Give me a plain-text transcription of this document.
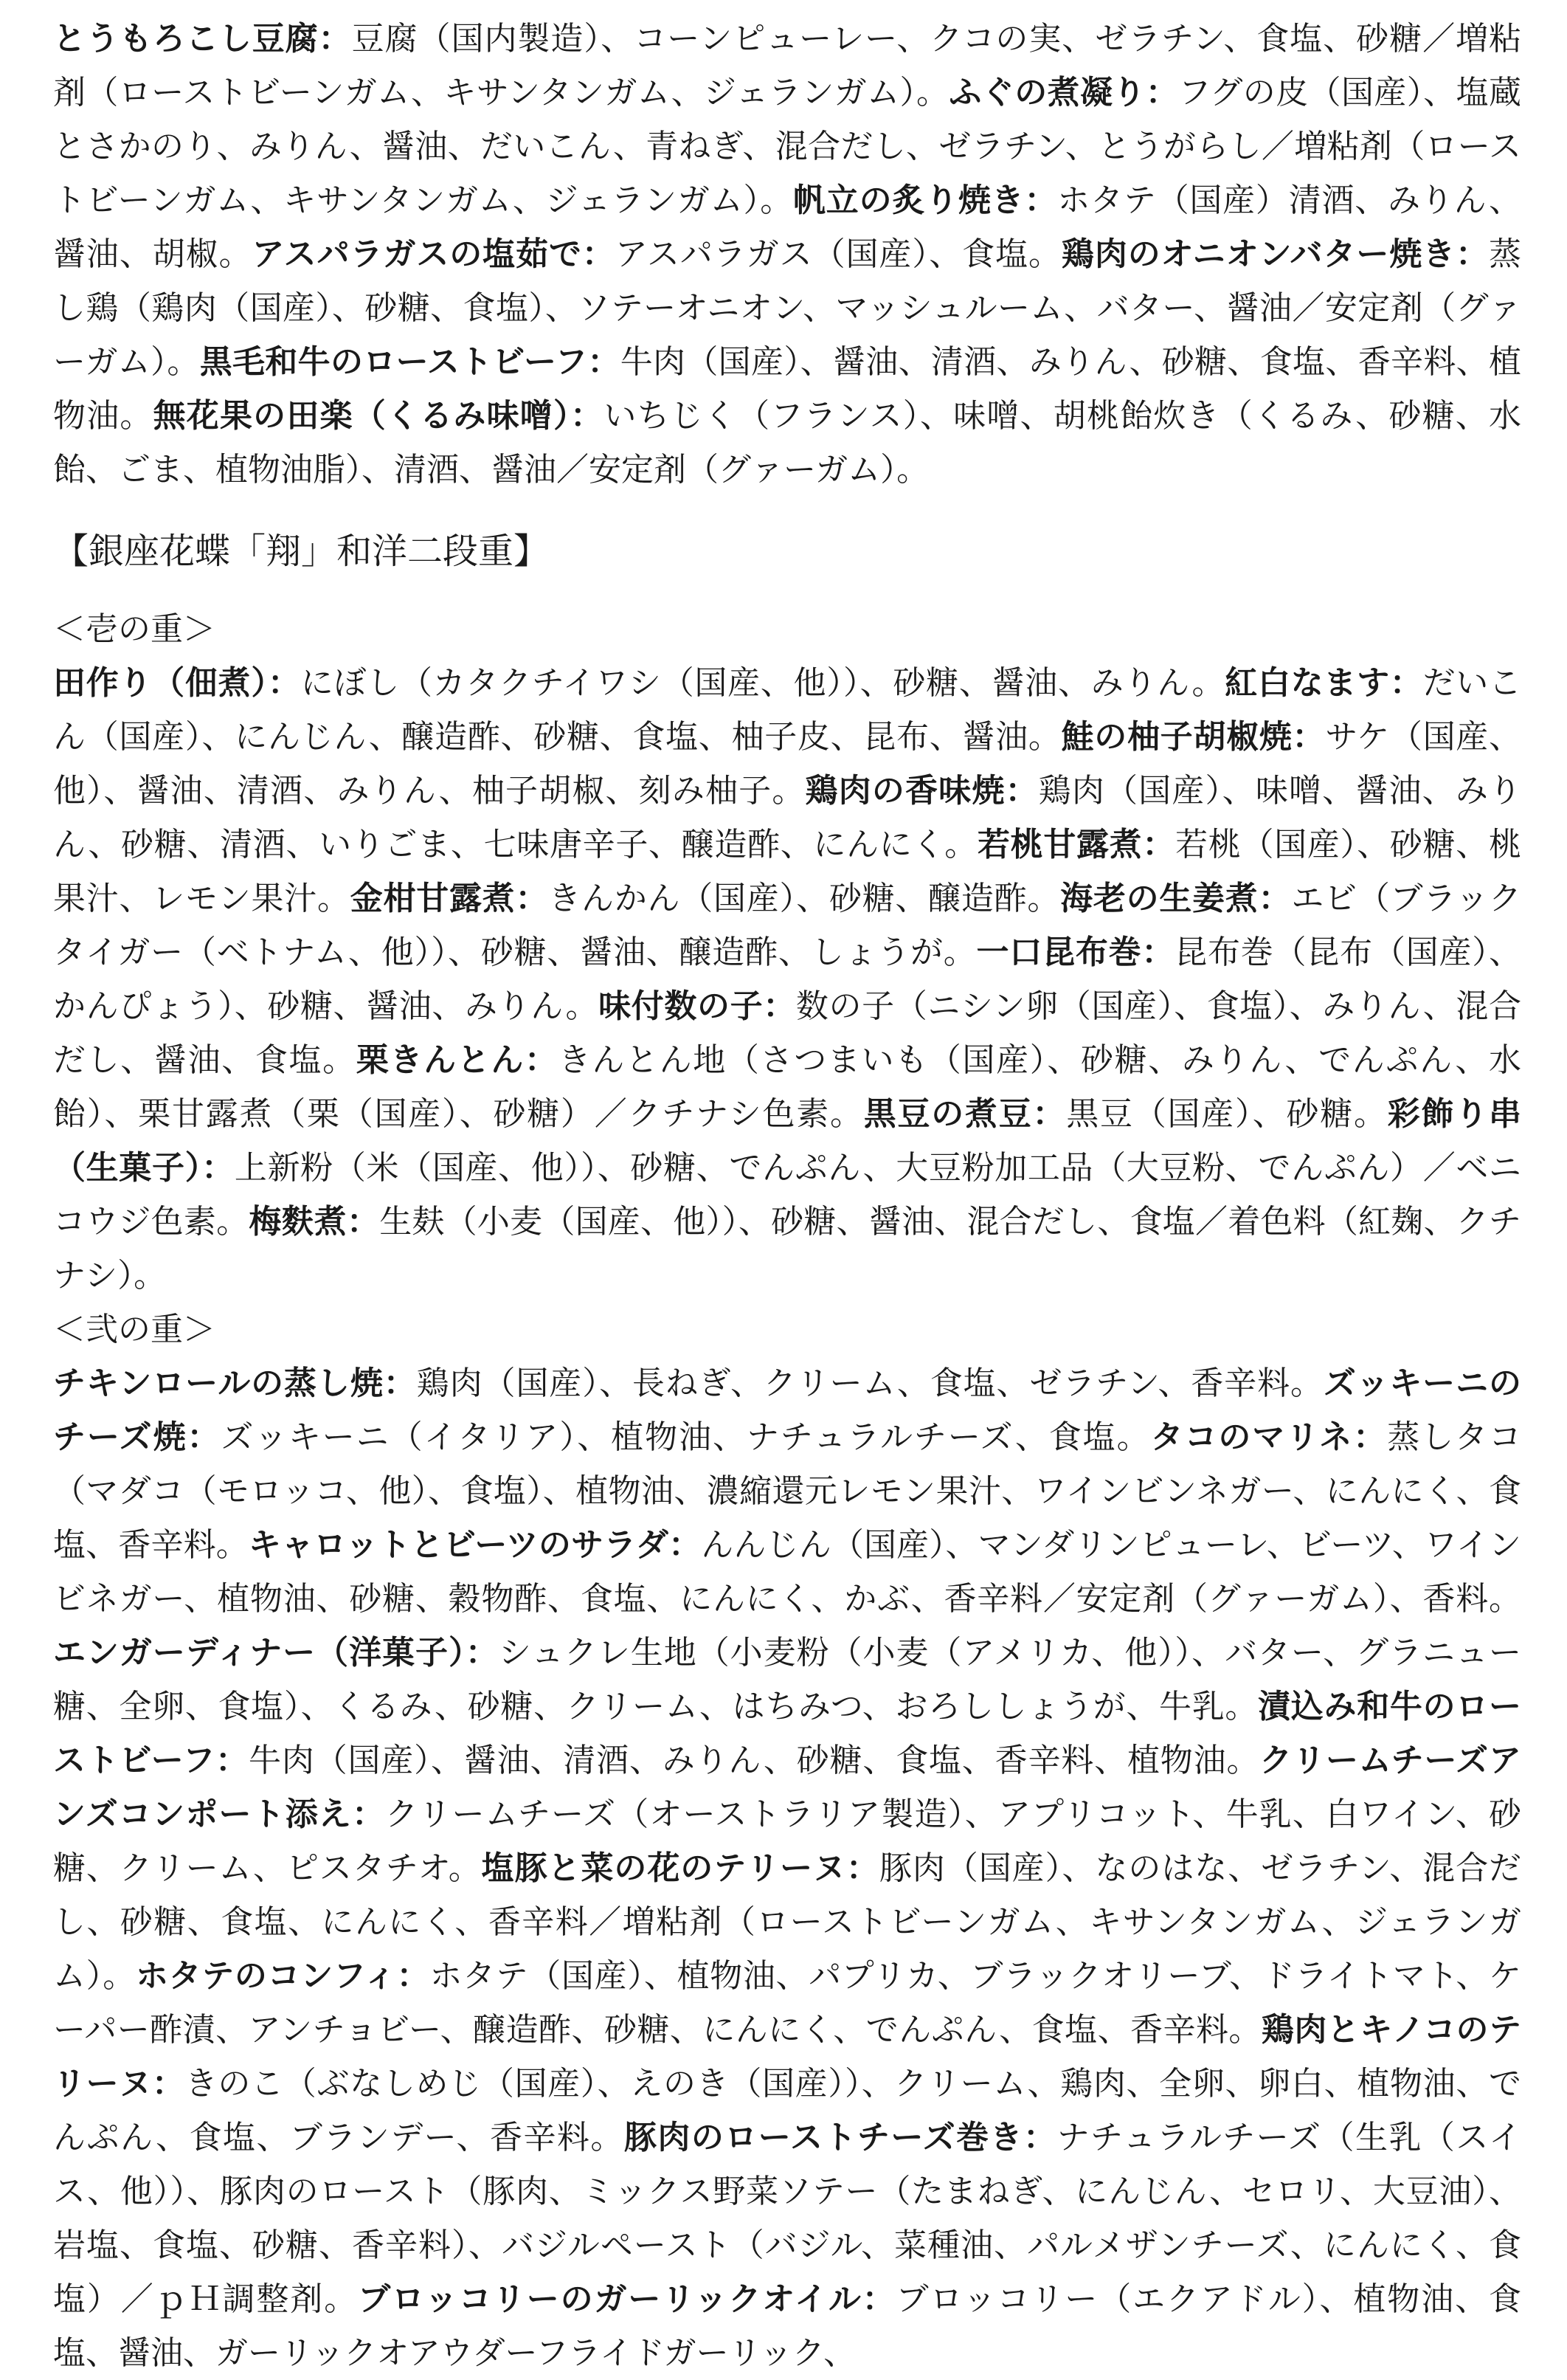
とうもろこし豆腐：豆腐（国内製造）、コーンピューレー、クコの実、ゼラチン、食塩、砂糖／増粘剤（ローストビーンガム、キサンタンガム、ジェランガム）。ふぐの煮凝り：フグの皮（国産）、塩蔵とさかのり、みりん、醤油、だいこん、青ねぎ、混合だし、ゼラチン、とうがらし／増粘剤（ローストビーンガム、キサンタンガム、ジェランガム）。帆立の炙り焼き：ホタテ（国産）清酒、みりん、醤油、胡椒。アスパラガスの塩茹で：アスパラガス（国産）、食塩。鶏肉のオニオンバター焼き：蒸し鶏（鶏肉（国産）、砂糖、食塩）、ソテーオニオン、マッシュルーム、バター、醤油／安定剤（グァーガム）。黒毛和牛のローストビーフ：牛肉（国産）、醤油、清酒、みりん、砂糖、食塩、香辛料、植物油。無花果の田楽（くるみ味噌）：いちじく（フランス）、味噌、胡桃飴炊き（くるみ、砂糖、水飴、ごま、植物油脂）、清酒、醤油／安定剤（グァーガム）。

【銀座花蝶「翔」和洋二段重】
＜壱の重＞

田作り（佃煮）：にぼし（カタクチイワシ（国産、他））、砂糖、醤油、みりん。紅白なます：だいこん（国産）、にんじん、醸造酢、砂糖、食塩、柚子皮、昆布、醤油。鮭の柚子胡椒焼：サケ（国産、他）、醤油、清酒、みりん、柚子胡椒、刻み柚子。鶏肉の香味焼：鶏肉（国産）、味噌、醤油、みりん、砂糖、清酒、いりごま、七味唐辛子、醸造酢、にんにく。若桃甘露煮：若桃（国産）、砂糖、桃果汁、レモン果汁。金柑甘露煮：きんかん（国産）、砂糖、醸造酢。海老の生姜煮：エビ（ブラックタイガー（ベトナム、他））、砂糖、醤油、醸造酢、しょうが。一口昆布巻：昆布巻（昆布（国産）、かんぴょう）、砂糖、醤油、みりん。味付数の子：数の子（ニシン卵（国産）、食塩）、みりん、混合だし、醤油、食塩。栗きんとん：きんとん地（さつまいも（国産）、砂糖、みりん、でんぷん、水飴）、栗甘露煮（栗（国産）、砂糖）／クチナシ色素。黒豆の煮豆：黒豆（国産）、砂糖。彩飾り串（生菓子）：上新粉（米（国産、他））、砂糖、でんぷん、大豆粉加工品（大豆粉、でんぷん）／ベニコウジ色素。梅麩煮：生麸（小麦（国産、他））、砂糖、醤油、混合だし、食塩／着色料（紅麹、クチナシ）。

＜弐の重＞

チキンロールの蒸し焼：鶏肉（国産）、長ねぎ、クリーム、食塩、ゼラチン、香辛料。ズッキーニのチーズ焼：ズッキーニ（イタリア）、植物油、ナチュラルチーズ、食塩。タコのマリネ：蒸しタコ（マダコ（モロッコ、他）、食塩）、植物油、濃縮還元レモン果汁、ワインビンネガー、にんにく、食塩、香辛料。キャロットとビーツのサラダ：んんじん（国産）、マンダリンピューレ、ビーツ、ワインビネガー、植物油、砂糖、穀物酢、食塩、にんにく、かぶ、香辛料／安定剤（グァーガム）、香料。エンガーディナー（洋菓子）：シュクレ生地（小麦粉（小麦（アメリカ、他））、バター、グラニュー糖、全卵、食塩）、くるみ、砂糖、クリーム、はちみつ、おろししょうが、牛乳。漬込み和牛のローストビーフ：牛肉（国産）、醤油、清酒、みりん、砂糖、食塩、香辛料、植物油。クリームチーズアンズコンポート添え：クリームチーズ（オーストラリア製造）、アプリコット、牛乳、白ワイン、砂糖、クリーム、ピスタチオ。塩豚と菜の花のテリーヌ：豚肉（国産）、なのはな、ゼラチン、混合だし、砂糖、食塩、にんにく、香辛料／増粘剤（ローストビーンガム、キサンタンガム、ジェランガム）。ホタテのコンフィ：ホタテ（国産）、植物油、パプリカ、ブラックオリーブ、ドライトマト、ケーパー酢漬、アンチョビー、醸造酢、砂糖、にんにく、でんぷん、食塩、香辛料。鶏肉とキノコのテリーヌ：きのこ（ぶなしめじ（国産）、えのき（国産））、クリーム、鶏肉、全卵、卵白、植物油、でんぷん、食塩、ブランデー、香辛料。豚肉のローストチーズ巻き：ナチュラルチーズ（生乳（スイス、他））、豚肉のロースト（豚肉、ミックス野菜ソテー（たまねぎ、にんじん、セロリ、大豆油）、岩塩、食塩、砂糖、香辛料）、バジルペースト（バジル、菜種油、パルメザンチーズ、にんにく、食塩）／ｐＨ調整剤。ブロッコリーのガーリックオイル：ブロッコリー（エクアドル）、植物油、食塩、醤油、ガーリックオアウダーフライドガーリック、
